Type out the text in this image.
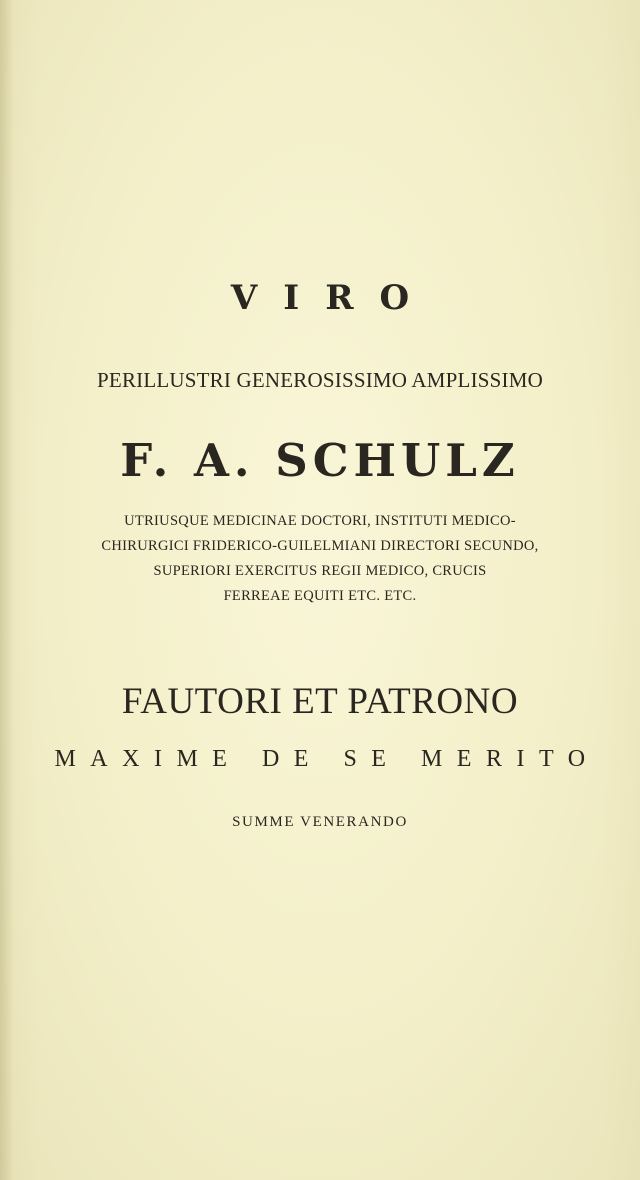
VIRO
PERILLUSTRI GENEROSISSIMO AMPLISSIMO
F. A. SCHULZ
UTRIUSQUE MEDICINAE DOCTORI, INSTITUTI MEDICO-
CHIRURGICI FRIDERICO-GUILELMIANI DIRECTORI SECUNDO,
SUPERIORI EXERCITUS REGII MEDICO, CRUCIS
FERREAE EQUITI ETC. ETC.
FAUTORI ET PATRONO
MAXIME DE SE MERITO
SUMME VENERANDO
